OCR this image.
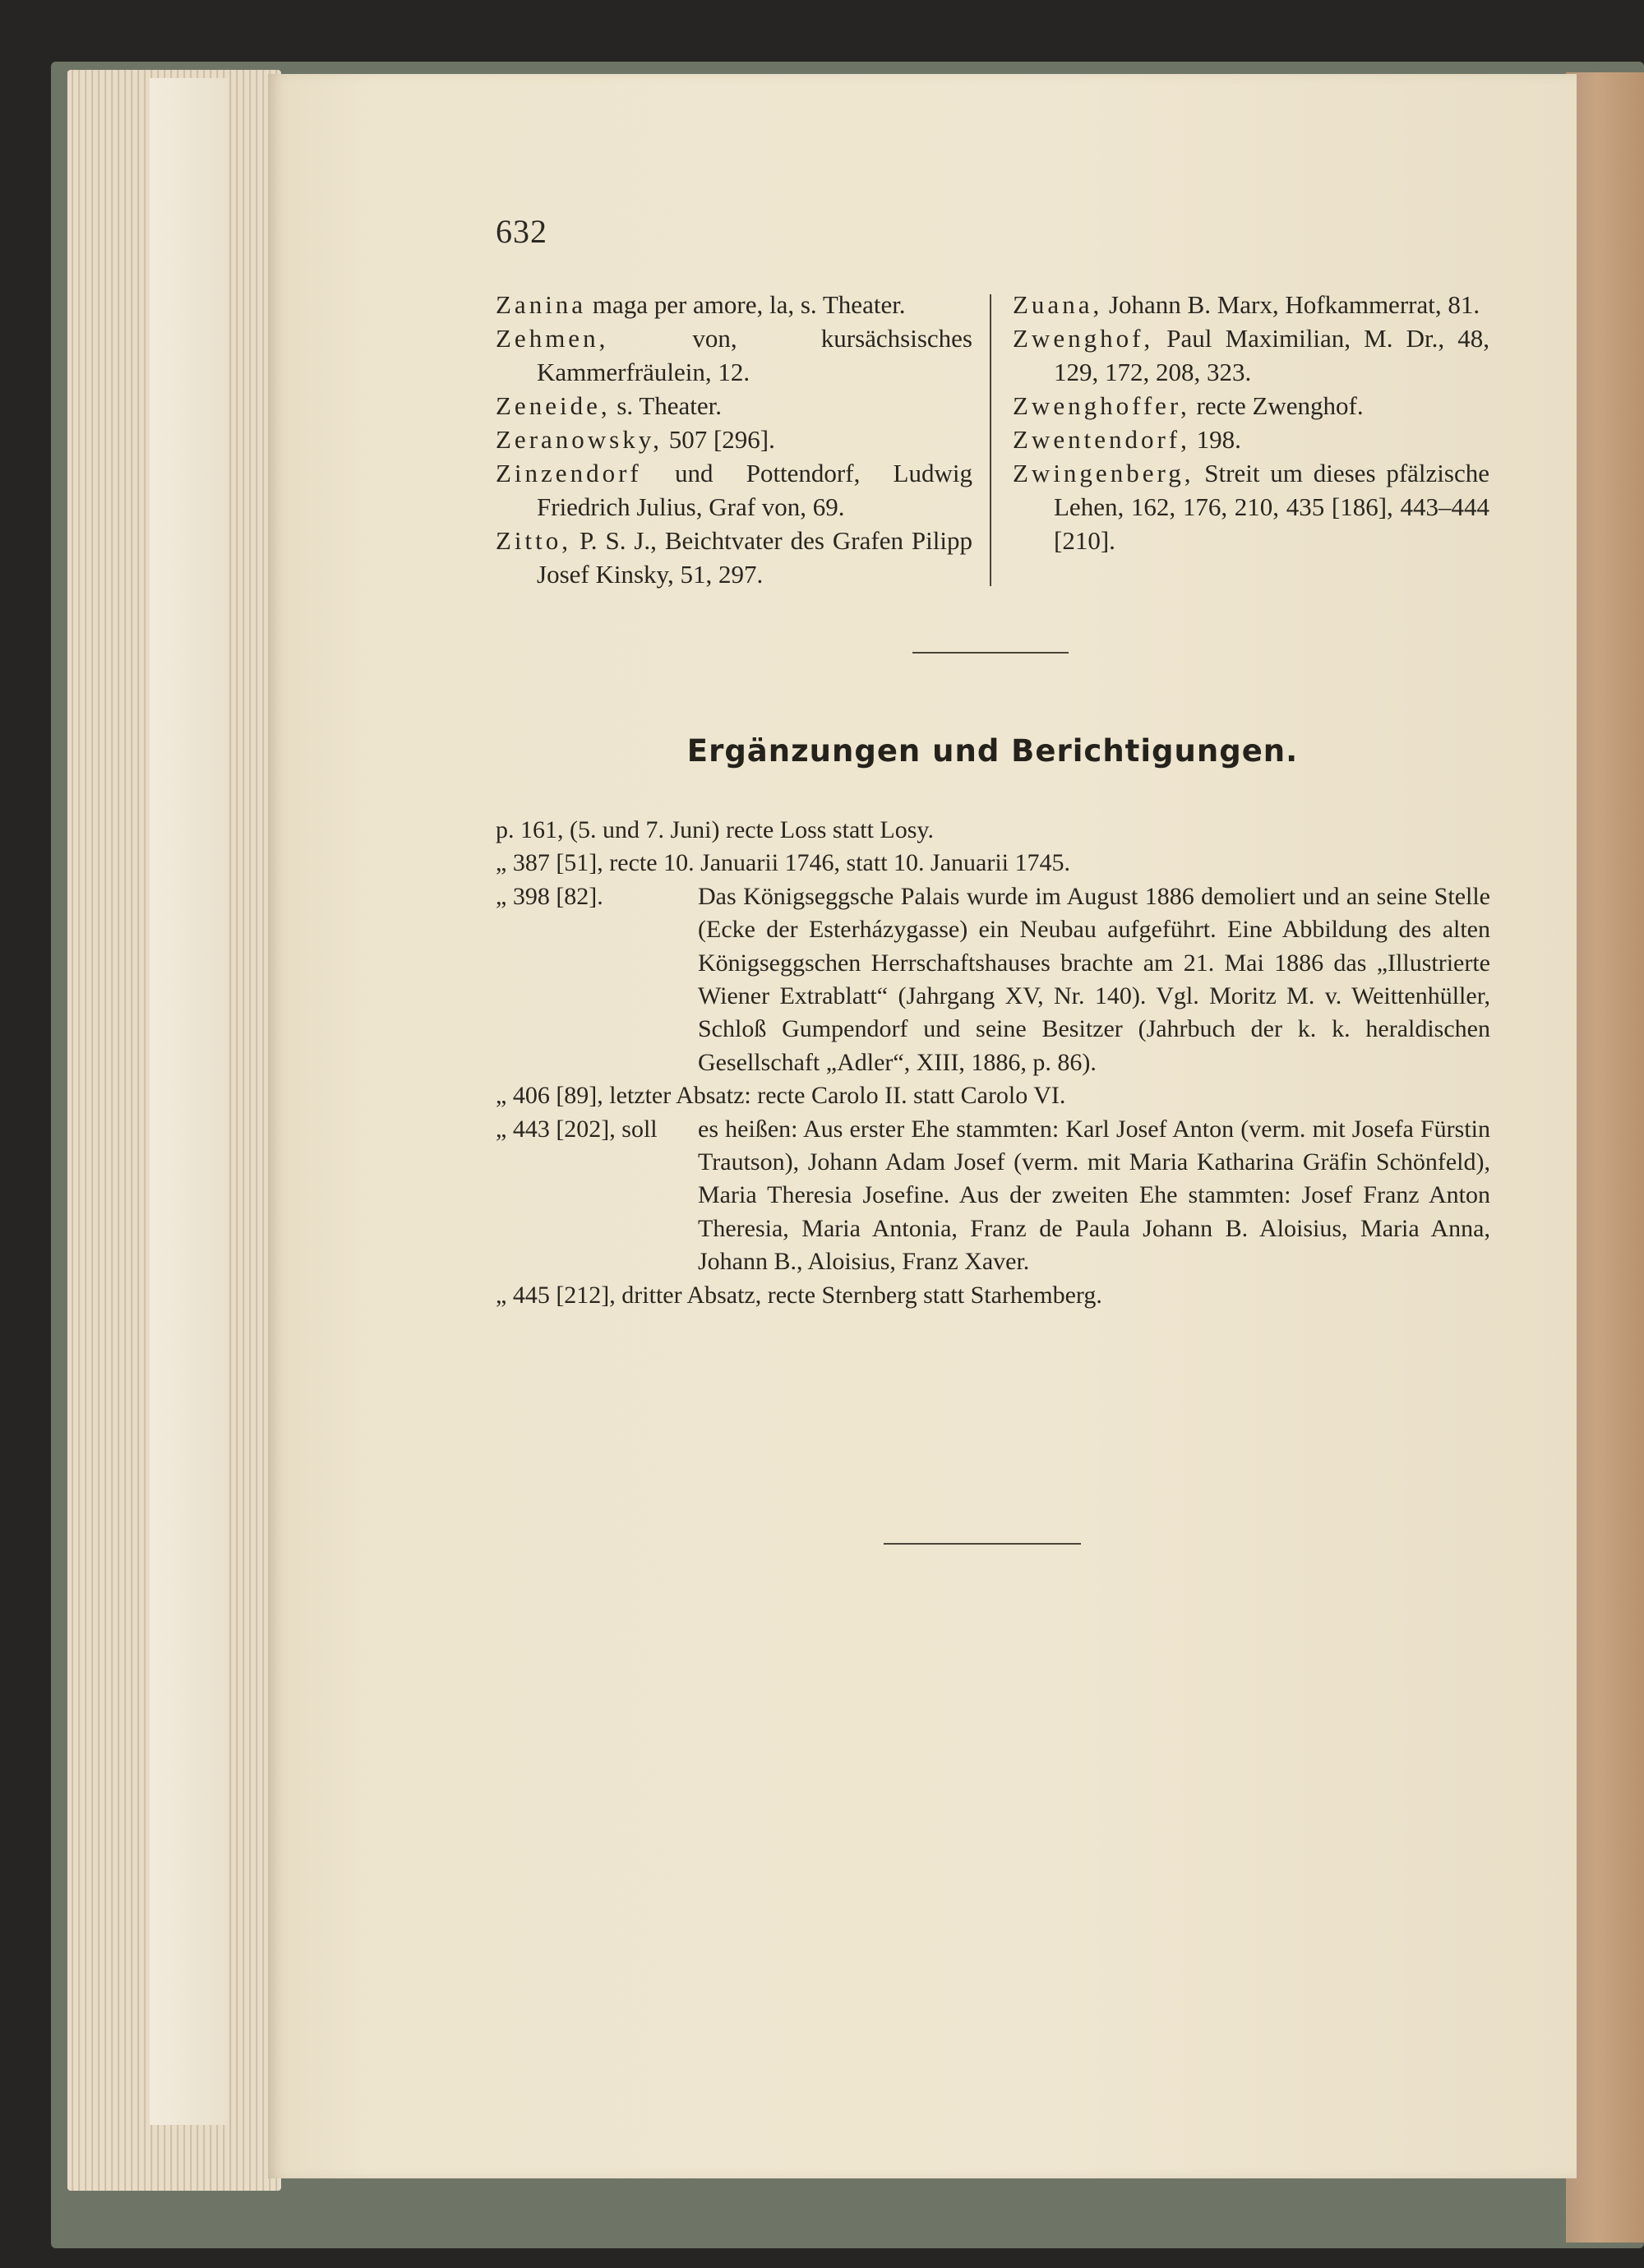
632

Zanina maga per amore, la, s. Theater.

Zehmen, von, kursächsisches Kammerfräulein, 12.

Zeneide, s. Theater.

Zeranowsky, 507 [296].

Zinzendorf und Pottendorf, Ludwig Friedrich Julius, Graf von, 69.

Zitto, P. S. J., Beichtvater des Grafen Pilipp Josef Kinsky, 51, 297.

Zuana, Johann B. Marx, Hofkammerrat, 81.

Zwenghof, Paul Maximilian, M. Dr., 48, 129, 172, 208, 323.

Zwenghoffer, recte Zwenghof.

Zwentendorf, 198.

Zwingenberg, Streit um dieses pfälzische Lehen, 162, 176, 210, 435 [186], 443–444 [210].

Ergänzungen und Berichtigungen.
p. 161, (5. und 7. Juni) recte Loss statt Losy.

„ 387 [51], recte 10. Januarii 1746, statt 10. Januarii 1745.

„ 398 [82].	Das Königseggsche Palais wurde im August 1886 demoliert und an seine Stelle (Ecke der Esterházygasse) ein Neubau aufgeführt. Eine Abbildung des alten Königseggschen Herrschaftshauses brachte am 21. Mai 1886 das „Illustrierte Wiener Extrablatt“ (Jahrgang XV, Nr. 140). Vgl. Moritz M. v. Weittenhüller, Schloß Gumpendorf und seine Besitzer (Jahrbuch der k. k. heraldischen Gesellschaft „Adler“, XIII, 1886, p. 86).

„ 406 [89], letzter Absatz: recte Carolo II. statt Carolo VI.

„ 443 [202], soll	es heißen: Aus erster Ehe stammten: Karl Josef Anton (verm. mit Josefa Fürstin Trautson), Johann Adam Josef (verm. mit Maria Katharina Gräfin Schönfeld), Maria Theresia Josefine. Aus der zweiten Ehe stammten: Josef Franz Anton Theresia, Maria Antonia, Franz de Paula Johann B. Aloisius, Maria Anna, Johann B., Aloisius, Franz Xaver.

„ 445 [212], dritter Absatz, recte Sternberg statt Starhemberg.
